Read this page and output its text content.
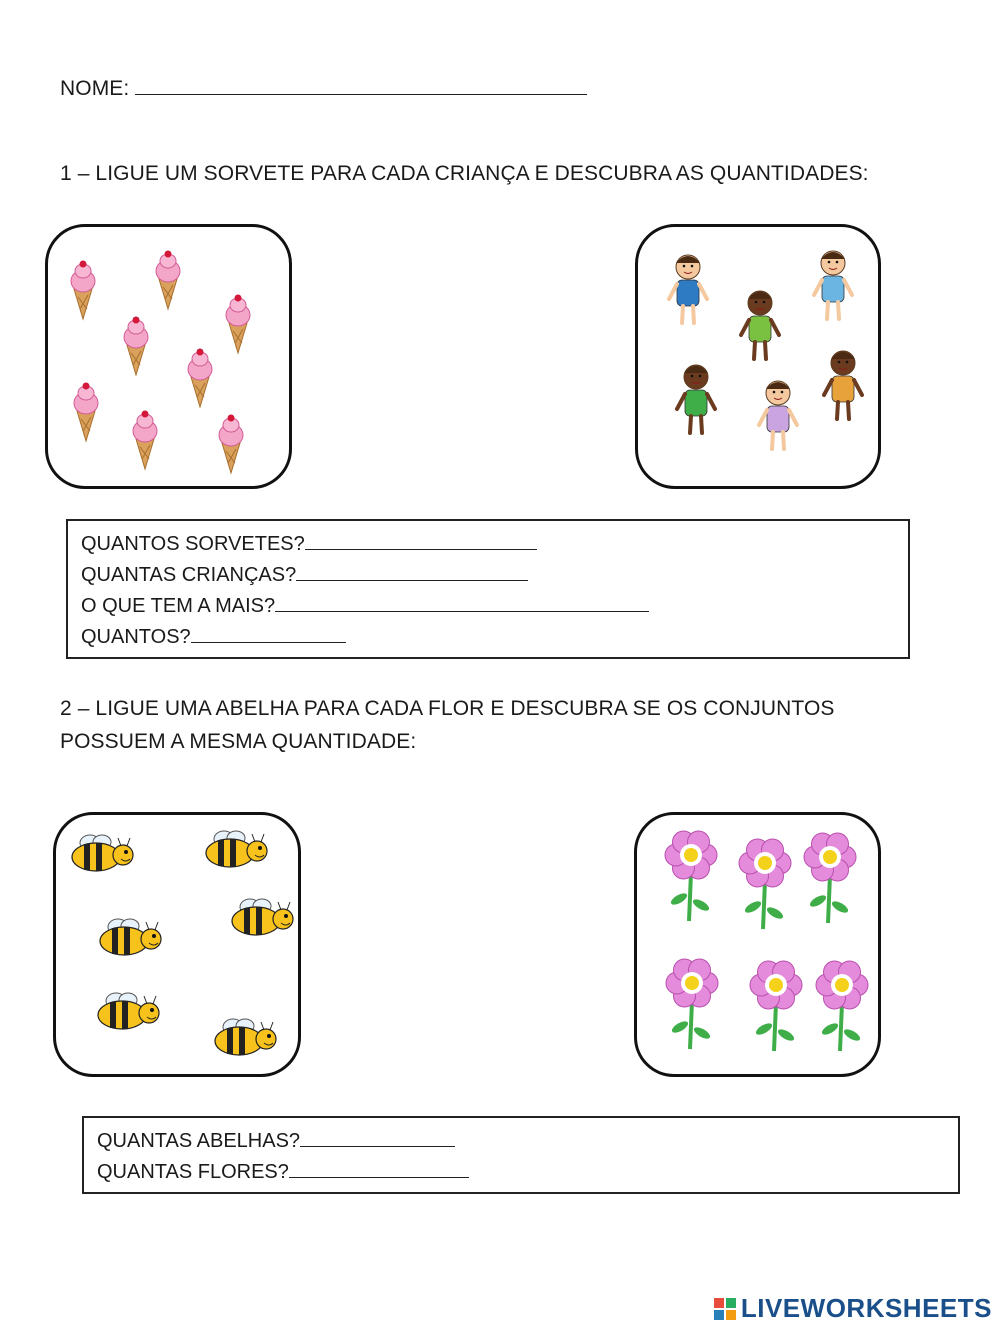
NOME:
1 – LIGUE UM SORVETE PARA CADA CRIANÇA E DESCUBRA AS QUANTIDADES:
QUANTOS SORVETES?
QUANTAS CRIANÇAS?
O QUE TEM A MAIS?
QUANTOS?
2 – LIGUE UMA ABELHA PARA CADA FLOR E DESCUBRA SE OS CONJUNTOS
POSSUEM A MESMA QUANTIDADE:
QUANTAS ABELHAS?
QUANTAS FLORES?
LIVEWORKSHEETS
